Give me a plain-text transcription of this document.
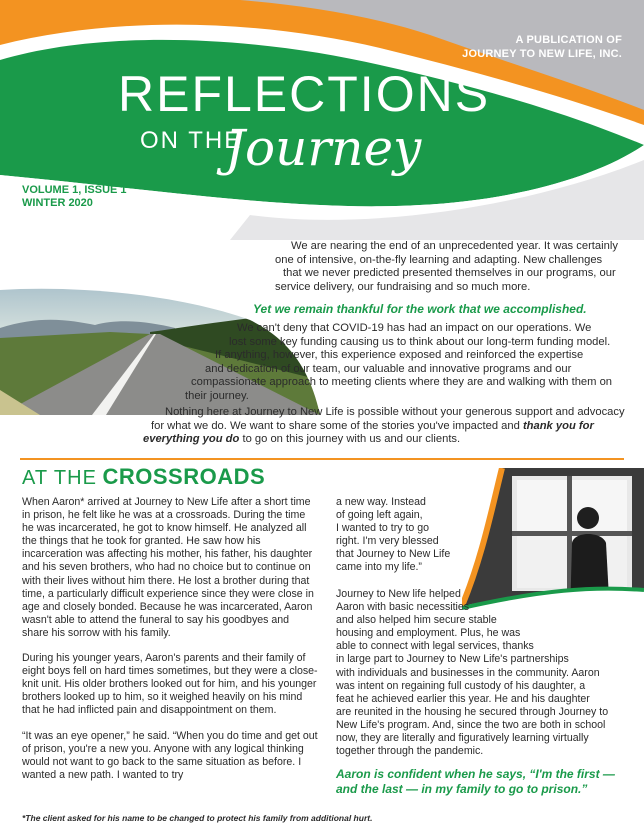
A PUBLICATION OF
JOURNEY TO NEW LIFE, INC.
REFLECTIONS
ON THE
Journey
VOLUME 1, ISSUE 1
WINTER 2020

We are nearing the end of an unprecedented year. It was certainly

one of intensive, on-the-fly learning and adapting. New challenges

that we never predicted presented themselves in our programs, our

service delivery, our fundraising and so much more.

Yet we remain thankful for the work that we accomplished.

We can't deny that COVID-19 has had an impact on our operations. We

lost some key funding causing us to think about our long-term funding model.

If anything, however, this experience exposed and reinforced the expertise

and dedication of our team, our valuable and innovative programs and our

compassionate approach to meeting clients where they are and walking with them on

their journey.

Nothing here at Journey to New Life is possible without your generous support and advocacy

for what we do. We want to share some of the stories you've impacted and thank you for

everything you do to go on this journey with us and our clients.

AT THE CROSSROADS

When Aaron* arrived at Journey to New Life after a short time in prison, he felt like he was at a crossroads. During the time he was incarcerated, he got to know himself. He analyzed all the things that he took for granted. He saw how his incarceration was affecting his mother, his father, his daughter and his seven brothers, who had no choice but to continue on with their lives without him there. He lost a brother during that time, a particularly difficult experience since they were close in age and closely bonded. Because he was incarcerated, Aaron wasn't able to attend the funeral to say his goodbyes and share his sorrow with his family.

During his younger years, Aaron's parents and their family of eight boys fell on hard times sometimes, but they were a close-knit unit. His older brothers looked out for him, and his younger brothers looked up to him, so it weighed heavily on his mind that he had inflicted pain and disappointment on them.

“It was an eye opener,” he said. “When you do time and get out of prison, you're a new you. Anyone with any logical thinking would not want to go back to the same situation as before. I wanted a new path. I wanted to try

a new way. Instead

of going left again,

I wanted to try to go

right. I'm very blessed

that Journey to New Life

came into my life.”

Journey to New life helped

Aaron with basic necessities

and also helped him secure stable

housing and employment. Plus, he was

able to connect with legal services, thanks

in large part to Journey to New Life's partnerships

with individuals and businesses in the community. Aaron

was intent on regaining full custody of his daughter, a

feat he achieved earlier this year. He and his daughter

are reunited in the housing he secured through Journey to

New Life's program. And, since the two are both in school

now, they are literally and figuratively learning virtually

together through the pandemic.

Aaron is confident when he says, “I'm the first —
and the last — in my family to go to prison.”
*The client asked for his name to be changed to protect his family from additional hurt.
